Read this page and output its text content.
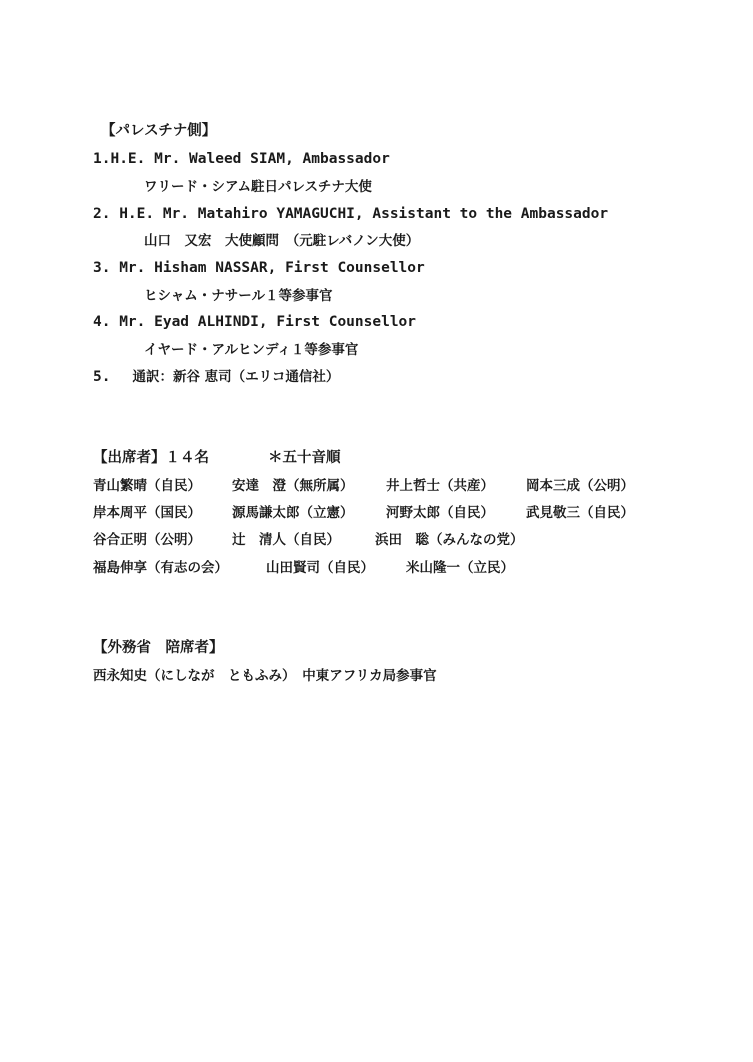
【パレスチナ側】
1.H.E. Mr. Waleed SIAM, Ambassador
ワリード・シアム駐日パレスチナ大使
2. H.E. Mr. Matahiro YAMAGUCHI, Assistant to the Ambassador
山口　又宏　大使顧問　（元駐レバノン大使）
3. Mr. Hisham NASSAR, First Counsellor
ヒシャム・ナサール１等参事官
4. Mr. Eyad ALHINDI, First Counsellor
イヤード・アルヒンディ１等参事官
5. 通訳：新谷 恵司（エリコ通信社）
【出席者】１４名	＊五十音順
青山繁晴（自民） 安達　澄（無所属） 井上哲士（共産） 岡本三成（公明）
岸本周平（国民） 源馬謙太郎（立憲） 河野太郎（自民） 武見敬三（自民）
谷合正明（公明） 辻　清人（自民）	浜田　聡（みんなの党）
福島伸享（有志の会）	山田賢司（自民） 米山隆一（立民）
【外務省　陪席者】
西永知史（にしなが　ともふみ）　中東アフリカ局参事官
